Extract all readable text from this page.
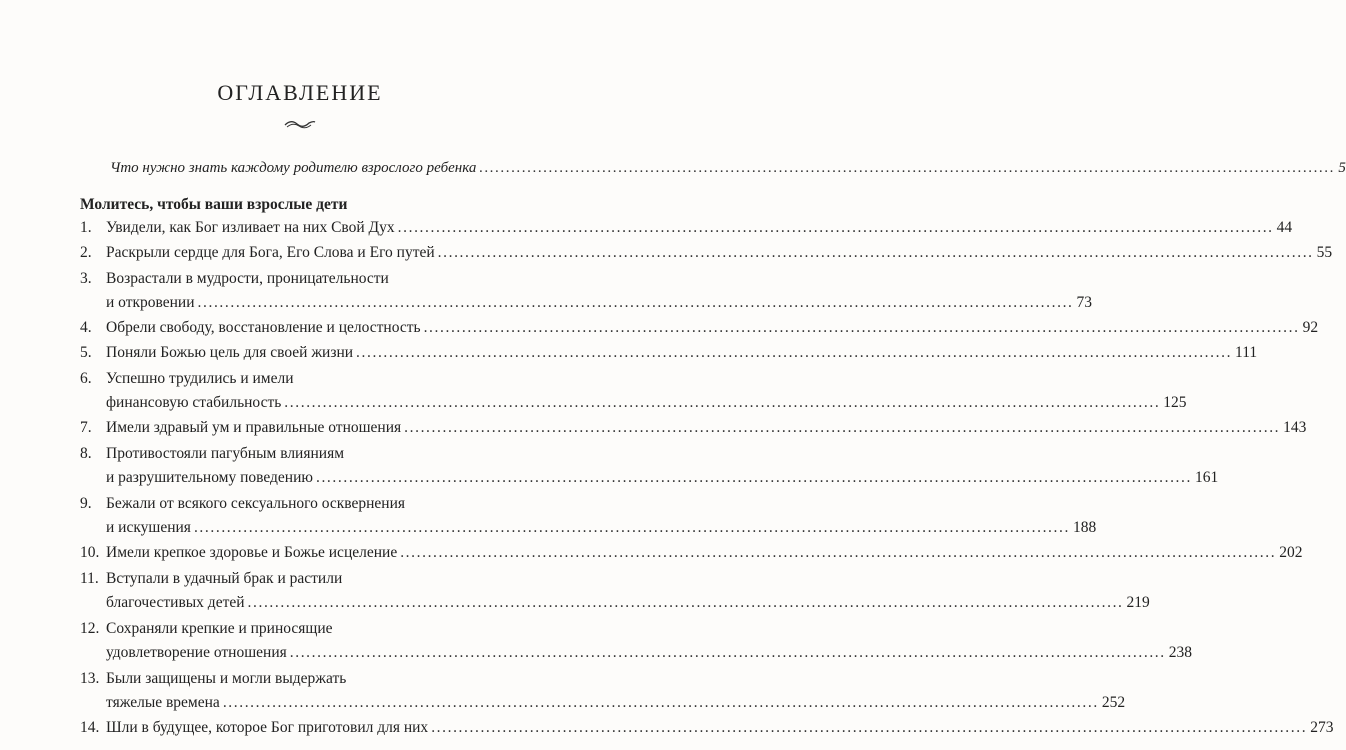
ОГЛАВЛЕНИЕ
Что нужно знать каждому родителю взрослого ребенка .....	5
Молитесь, чтобы ваши взрослые дети
1. Увидели, как Бог изливает на них Свой Дух .....	44
2. Раскрыли сердце для Бога, Его Слова и Его путей .....	55
3. Возрастали в мудрости, проницательности
и откровении .....	73
4. Обрели свободу, восстановление и целостность .....	92
5. Поняли Божью цель для своей жизни .....	111
6. Успешно трудились и имели
финансовую стабильность .....	125
7. Имели здравый ум и правильные отношения .....	143
8. Противостояли пагубным влияниям
и разрушительному поведению .....	161
9. Бежали от всякого сексуального осквернения
и искушения .....	188
10. Имели крепкое здоровье и Божье исцеление .....	202
11. Вступали в удачный брак и растили
благочестивых детей .....	219
12. Сохраняли крепкие и приносящие
удовлетворение отношения .....	238
13. Были защищены и могли выдержать
тяжелые времена .....	252
14. Шли в будущее, которое Бог приготовил для них .....	273
